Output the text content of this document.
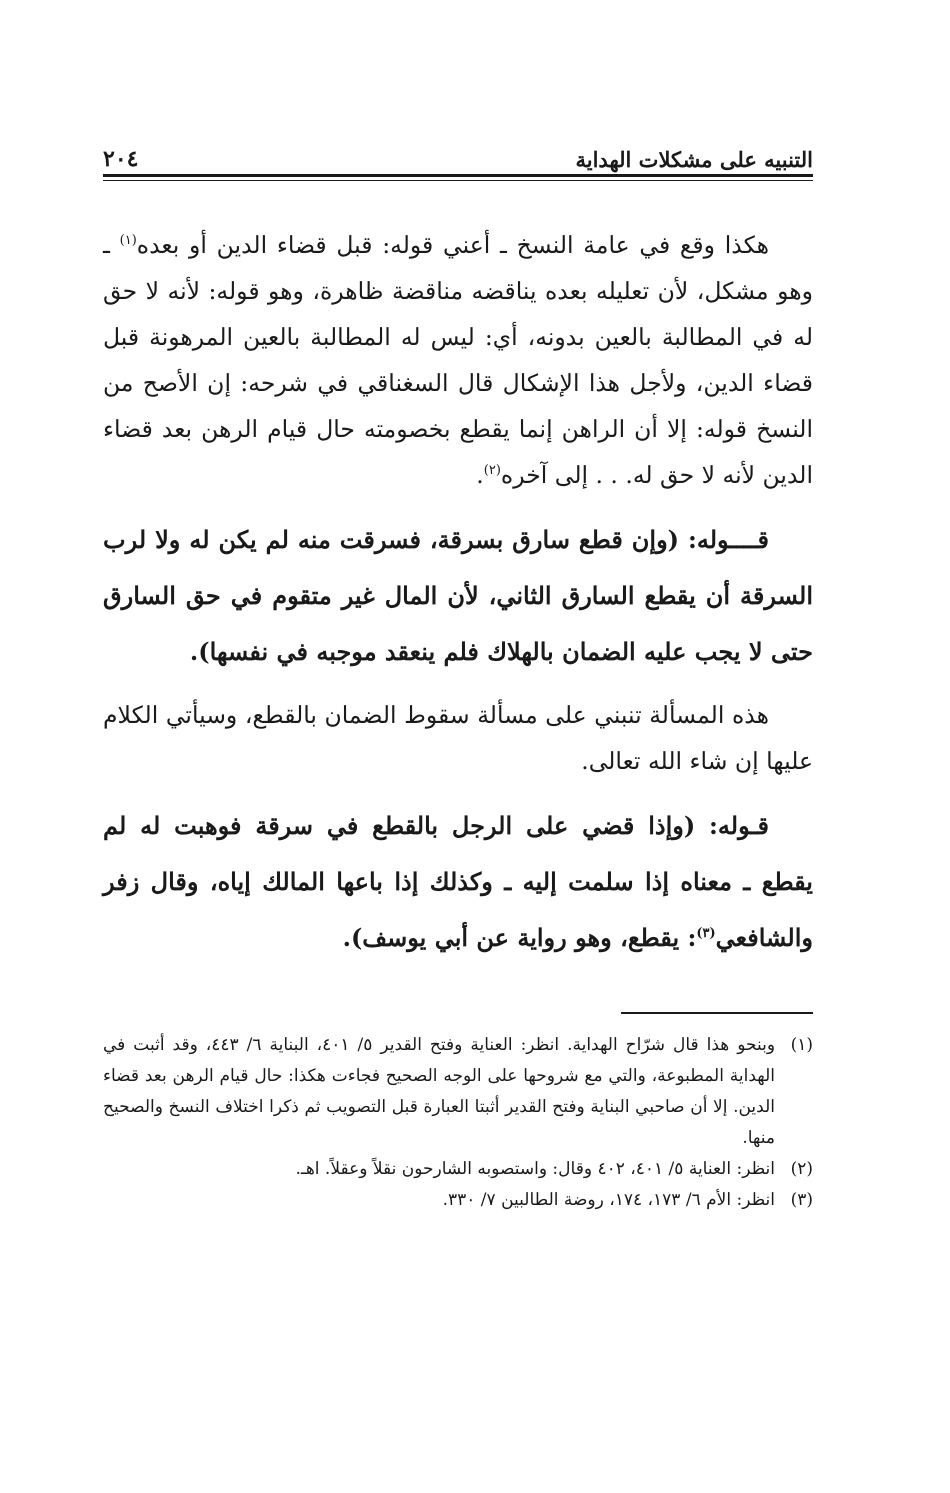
التنبيه على مشكلات الهداية
٢٠٤

هكذا وقع في عامة النسخ ـ أعني قوله: قبل قضاء الدين أو بعده$^{(١)}$ ـ وهو مشكل، لأن تعليله بعده يناقضه مناقضة ظاهرة، وهو قوله: لأنه لا حق له في المطالبة بالعين بدونه، أي: ليس له المطالبة بالعين المرهونة قبل قضاء الدين، ولأجل هذا الإشكال قال السغناقي في شرحه: إن الأصح من النسخ قوله: إلا أن الراهن إنما يقطع بخصومته حال قيام الرهن بعد قضاء الدين لأنه لا حق له. . . إلى آخره$^{(٢)}$.

قــــوله: (وإن قطع سارق بسرقة، فسرقت منه لم يكن له ولا لرب السرقة أن يقطع السارق الثاني، لأن المال غير متقوم في حق السارق حتى لا يجب عليه الضمان بالهلاك فلم ينعقد موجبه في نفسها).

هذه المسألة تنبني على مسألة سقوط الضمان بالقطع، وسيأتي الكلام عليها إن شاء الله تعالى.

قـوله: (وإذا قضي على الرجل بالقطع في سرقة فوهبت له لم يقطع ـ معناه إذا سلمت إليه ـ وكذلك إذا باعها المالك إياه، وقال زفر والشافعي$^{(٣)}$: يقطع، وهو رواية عن أبي يوسف).

(١)
وبنحو هذا قال شرّاح الهداية. انظر: العناية وفتح القدير ٥/ ٤٠١، البناية ٦/ ٤٤٣، وقد أثبت في الهداية المطبوعة، والتي مع شروحها على الوجه الصحيح فجاءت هكذا: حال قيام الرهن بعد قضاء الدين. إلا أن صاحبي البناية وفتح القدير أثبتا العبارة قبل التصويب ثم ذكرا اختلاف النسخ والصحيح منها.
(٢)
انظر: العناية ٥/ ٤٠١، ٤٠٢ وقال: واستصوبه الشارحون نقلاً وعقلاً. اهـ.
(٣)
انظر: الأم ٦/ ١٧٣، ١٧٤، روضة الطالبين ٧/ ٣٣٠.
